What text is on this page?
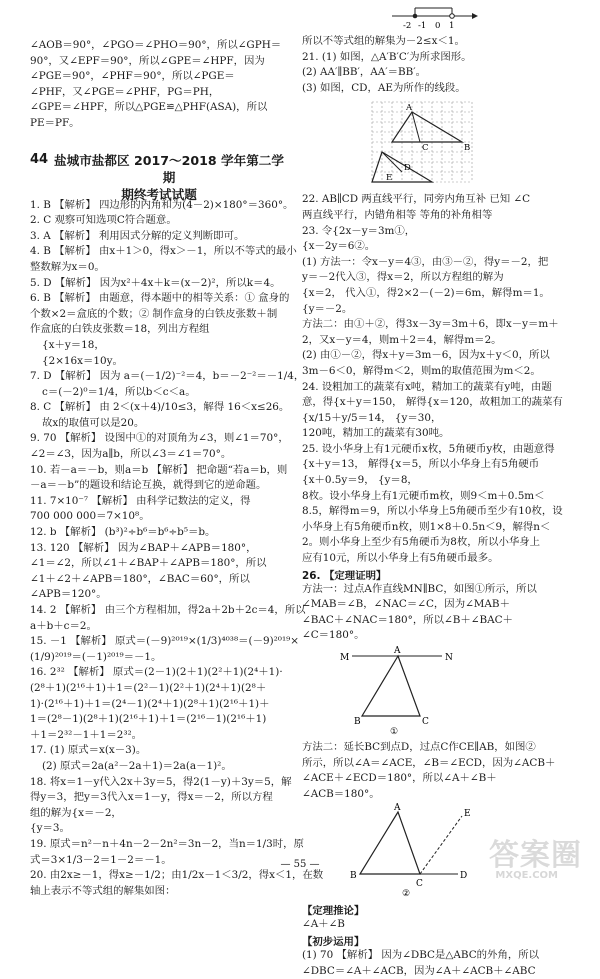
∠AOB＝90°，∠PGO＝∠PHO＝90°，所以∠GPH＝
90°，又∠EPF＝90°，所以∠GPE＝∠HPF，因为
∠PGE＝90°，∠PHF＝90°，所以∠PGE＝
∠PHF，又∠PGE＝∠PHF，PG＝PH，
∠GPE＝∠HPF，所以△PGE≌△PHF(ASA)，所以
PE＝PF。
44 盐城市盐都区 2017～2018 学年第二学期
期终考试试题
1. B 【解析】 四边形的内角和为(4－2)×180°＝360°。
2. C 观察可知选项C符合题意。
3. A 【解析】 利用因式分解的定义判断即可。
4. B 【解析】 由x＋1＞0，得x＞－1，所以不等式的最小
整数解为x＝0。
5. D 【解析】 因为x²＋4x＋k＝(x－2)²，所以k＝4。
6. B 【解析】 由题意，得本题中的相等关系：① 盒身的
个数×2＝盒底的个数；② 制作盒身的白铁皮张数＋制
作盒底的白铁皮张数＝18，列出方程组
{x＋y＝18，
{2×16x＝10y。
7. D 【解析】 因为 a＝(－1/2)⁻²＝4，b＝－2⁻²＝－1/4，
c＝(－2)⁰＝1/4，所以b＜c＜a。
8. C 【解析】 由 2＜(x＋4)/10≤3，解得 16＜x≤26。
故x的取值可以是20。
9. 70 【解析】 设图中①的对顶角为∠3，则∠1＝70°，
∠2＝∠3，因为a∥b，所以∠3＝∠1＝70°。
10. 若－a＝－b，则a＝b 【解析】 把命题“若a＝b，则
－a＝－b”的题设和结论互换，就得到它的逆命题。
11. 7×10⁻⁷ 【解析】 由科学记数法的定义，得
700 000 000＝7×10⁸。
12. b 【解析】 (b³)²÷b⁶＝b⁶÷b⁵＝b。
13. 120 【解析】 因为∠BAP＋∠APB＝180°，
∠1＝∠2，所以∠1＋∠BAP＋∠APB＝180°，所以
∠1＋∠2＋∠APB＝180°，∠BAC＝60°，所以
∠APB＝120°。
14. 2 【解析】 由三个方程相加，得2a＋2b＋2c＝4，所以
a＋b＋c＝2。
15. －1 【解析】 原式＝(－9)²⁰¹⁹×(1/3)⁴⁰³⁸＝(－9)²⁰¹⁹×
(1/9)²⁰¹⁹＝(－1)²⁰¹⁹＝－1。
16. 2³² 【解析】 原式＝(2－1)(2＋1)(2²＋1)(2⁴＋1)·
(2⁸＋1)(2¹⁶＋1)＋1＝(2²－1)(2²＋1)(2⁴＋1)(2⁸＋
1)·(2¹⁶＋1)＋1＝(2⁴－1)(2⁴＋1)(2⁸＋1)(2¹⁶＋1)＋
1＝(2⁸－1)(2⁸＋1)(2¹⁶＋1)＋1＝(2¹⁶－1)(2¹⁶＋1)
＋1＝2³²－1＋1＝2³²。
17. (1) 原式＝x(x－3)。
(2) 原式＝2a(a²－2a＋1)＝2a(a－1)²。
18. 将x＝1－y代入2x＋3y＝5，得2(1－y)＋3y＝5，解
得y＝3，把y＝3代入x＝1－y，得x＝－2，所以方程
组的解为{x＝－2，
{y＝3。
19. 原式＝n²－n＋4n－2－2n²＝3n－2，当n＝1/3时，原
式＝3×1/3－2＝1－2＝－1。
20. 由2x≥－1，得x≥－1/2；由1/2x－1＜3/2，得x＜1，在数
轴上表示不等式组的解集如图：
-2 -1 0 1
所以不等式组的解集为－2≤x＜1。
21. (1) 如图，△A′B′C′为所求图形。
(2) AA′∥BB′，AA′＝BB′。
(3) 如图，CD，AE为所作的线段。
A
B
C
D
E
22. AB∥CD 两直线平行，同旁内角互补 已知 ∠C
两直线平行，内错角相等 等角的补角相等
23. 令{2x－y＝3m①，
{x－2y＝6②。
(1) 方法一：令x－y＝4③，由③－②，得y＝－2，把
y＝－2代入③，得x＝2，所以方程组的解为
{x＝2， 代入①，得2×2－(－2)＝6m，解得m＝1。
{y＝－2。
方法二：由①＋②，得3x－3y＝3m＋6，即x－y＝m＋
2，又x－y＝4，则m＋2＝4，解得m＝2。
(2) 由①－②，得x＋y＝3m－6，因为x＋y＜0，所以
3m－6＜0，解得m＜2，则m的取值范围为m＜2。
24. 设粗加工的蔬菜有x吨，精加工的蔬菜有y吨，由题
意，得{x＋y＝150， 解得{x＝120，故粗加工的蔬菜有
{x/15＋y/5＝14， {y＝30，
120吨，精加工的蔬菜有30吨。
25. 设小华身上有1元硬币x枚，5角硬币y枚，由题意得
{x＋y＝13， 解得{x＝5，所以小华身上有5角硬币
{x＋0.5y＝9， {y＝8，
8枚。设小华身上有1元硬币m枚，则9＜m＋0.5m＜
8.5，解得m＝9，所以小华身上5角硬币至少有10枚，设
小华身上有5角硬币n枚，则1×8＋0.5n＜9，解得n＜
2。则小华身上至少有5角硬币为8枚，所以小华身上
应有10元，所以小华身上有5角硬币最多。
26. 【定理证明】
方法一：过点A作直线MN∥BC，如图①所示，所以
∠MAB＝∠B，∠NAC＝∠C，因为∠MAB＋
∠BAC＋∠NAC＝180°，所以∠B＋∠BAC＋
∠C＝180°。
M	N
A
B	C
①
方法二：延长BC到点D，过点C作CE∥AB，如图②
所示，所以∠A＝∠ACE，∠B＝∠ECD，因为∠ACB＋
∠ACE＋∠ECD＝180°，所以∠A＋∠B＋
∠ACB＝180°。
A
B
C
D
E
②
【定理推论】
∠A＋∠B
【初步运用】
(1) 70 【解析】 因为∠DBC是△ABC的外角，所以
∠DBC＝∠A＋∠ACB，因为∠A＋∠ACB＋∠ABC
— 55 —	答案圈
MXQE.COM
